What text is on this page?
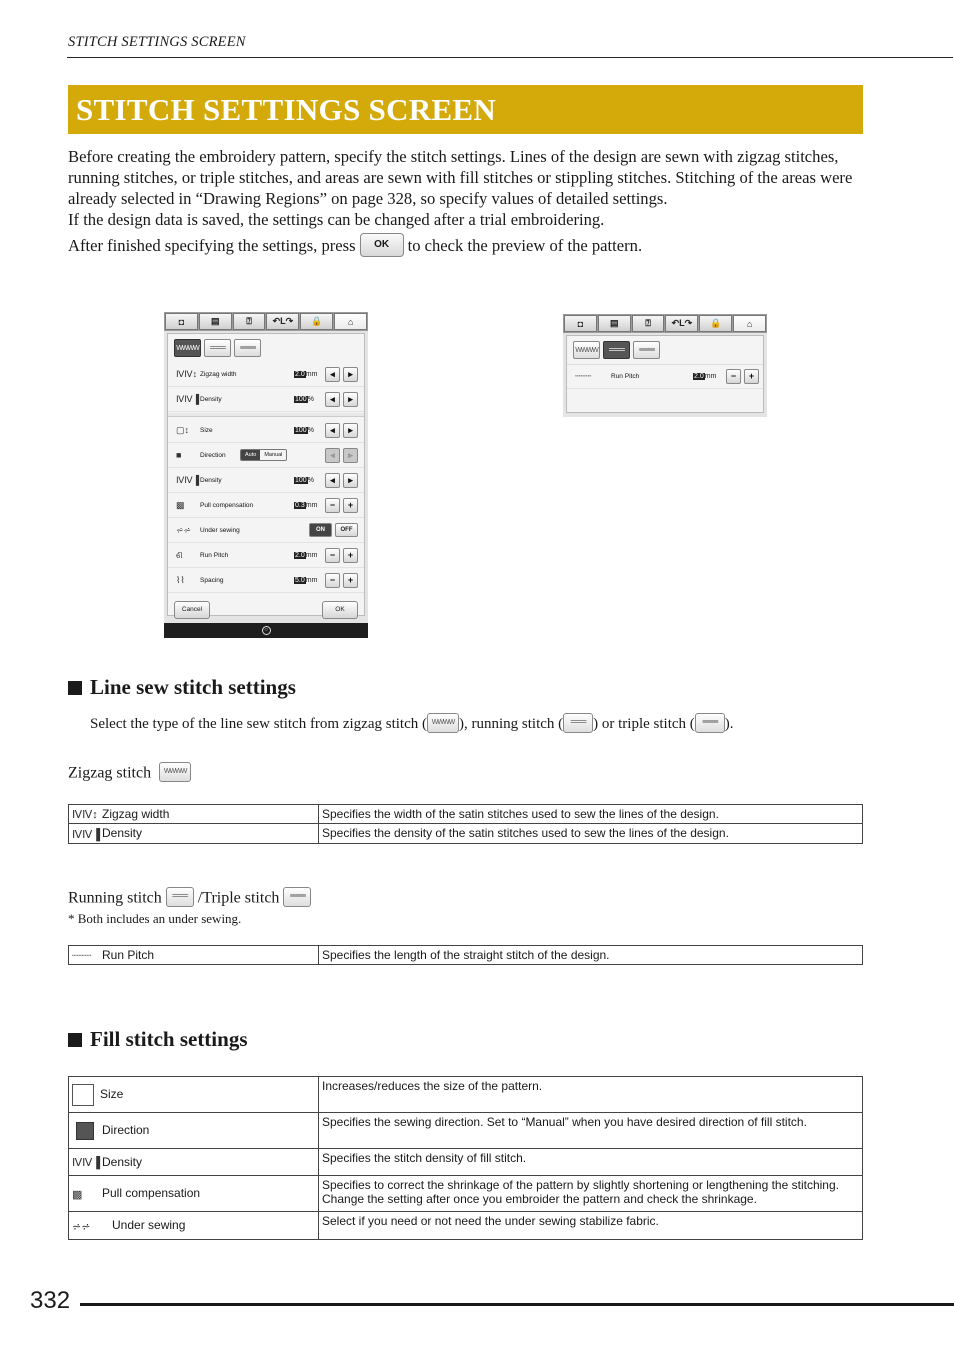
STITCH SETTINGS SCREEN
STITCH SETTINGS SCREEN

Before creating the embroidery pattern, specify the stitch settings. Lines of the design are sewn with zigzag stitches, running stitches, or triple stitches, and areas are sewn with fill stitches or stippling stitches. Stitching of the areas were already selected in “Drawing Regions” on page 328, so specify values of detailed settings.

If the design data is saved, the settings can be changed after a trial embroidering.

After finished specifying the settings, press OK to check the preview of the pattern.

◘	▤	⍰	↶L↷	🔒	⌂
WWWW	=====	≡≡≡≡≡
ⅣⅣ↕ Zigzag width	2.0mm	◂	▸
ⅣⅣ▐ Density	100%	◂	▸
▢↕	Size	100%	◂	▸
■	Direction	Auto	Manual	◂	▸
ⅣⅣ▐ Density	100%	◂	▸
▩	Pull compensation	0.3mm	−	+
⩫⩫	Under sewing	ON	OFF
ଣ	Run Pitch	2.0mm	−	+
⌇⌇	Spacing	5.0mm	−	+
Cancel	OK
○
◘	▤	⍰	↶L↷	🔒	⌂
WWWW	=====	≡≡≡≡≡
┄┄┄	Run Pitch	2.0mm	−	+
Line sew stitch settings
Select the type of the line sew stitch from zigzag stitch ( WWWW ), running stitch ( ===== ) or triple stitch ( ≡≡≡≡≡ ).
Zigzag stitch WWWW
ⅣⅣ↕ Zigzag width	Specifies the width of the satin stitches used to sew the lines of the design.
ⅣⅣ▐ Density	Specifies the density of the satin stitches used to sew the lines of the design.
Running stitch ===== /Triple stitch ≡≡≡≡≡
* Both includes an under sewing.
┄┄┄┄ Run Pitch	Specifies the length of the straight stitch of the design.
Fill stitch settings
Size	Increases/reduces the size of the pattern.
Direction	Specifies the sewing direction. Set to “Manual” when you have desired direction of fill stitch.
ⅣⅣ▐ Density	Specifies the stitch density of fill stitch.
▩ Pull compensation	Specifies to correct the shrinkage of the pattern by slightly shortening or lengthening the stitching. Change the setting after once you embroider the pattern and check the shrinkage.
⩫⩫ Under sewing	Select if you need or not need the under sewing stabilize fabric.
332
